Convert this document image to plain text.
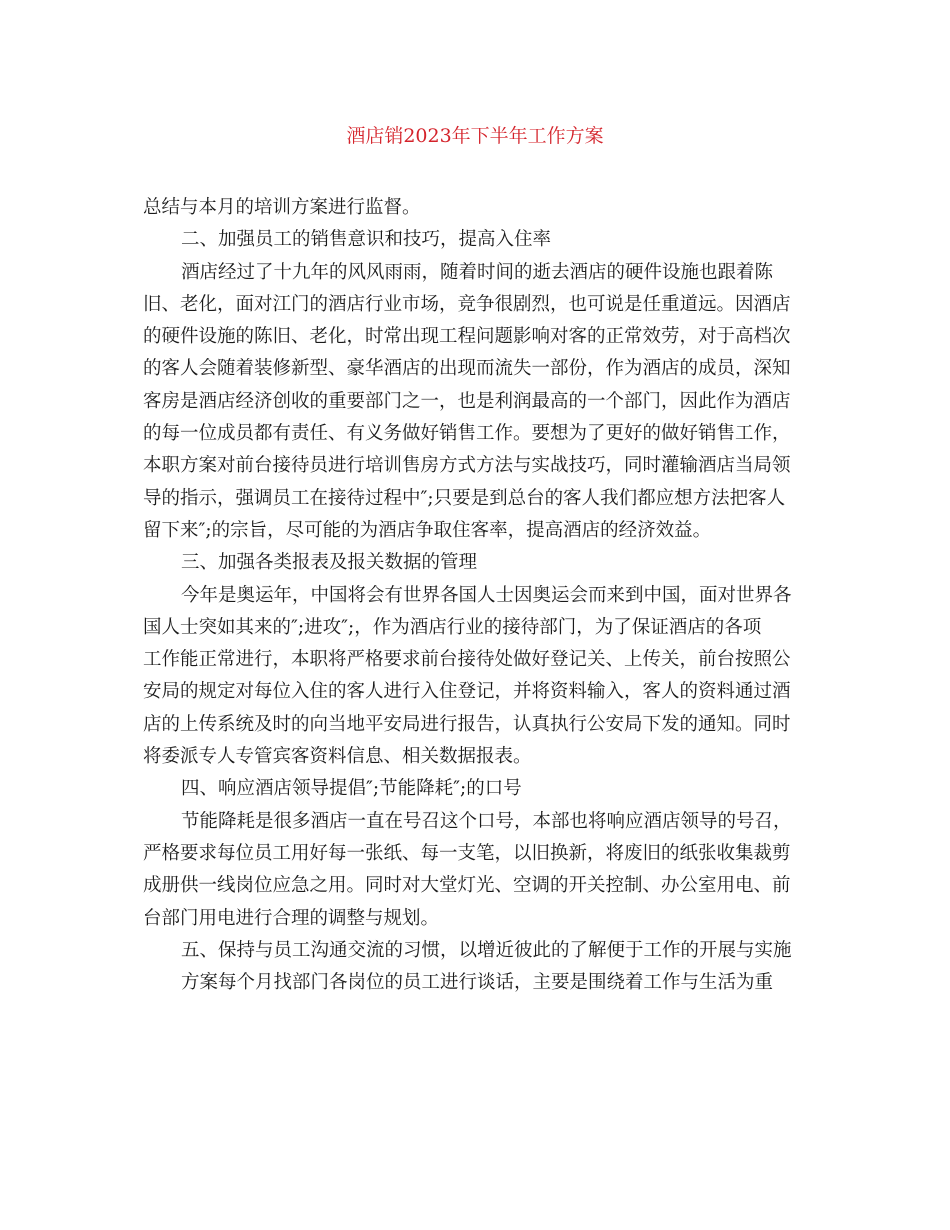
酒店销2023年下半年工作方案
总结与本月的培训方案进行监督。
二、加强员工的销售意识和技巧，提高入住率
酒店经过了十九年的风风雨雨，随着时间的逝去酒店的硬件设施也跟着陈
旧、老化，面对江门的酒店行业市场，竞争很剧烈，也可说是任重道远。因酒店
的硬件设施的陈旧、老化，时常出现工程问题影响对客的正常效劳，对于高档次
的客人会随着装修新型、豪华酒店的出现而流失一部份，作为酒店的成员，深知
客房是酒店经济创收的重要部门之一，也是利润最高的一个部门，因此作为酒店
的每一位成员都有责任、有义务做好销售工作。要想为了更好的做好销售工作，
本职方案对前台接待员进行培训售房方式方法与实战技巧，同时灌输酒店当局领
导的指示，强调员工在接待过程中″;只要是到总台的客人我们都应想方法把客人
留下来″;的宗旨，尽可能的为酒店争取住客率，提高酒店的经济效益。
三、加强各类报表及报关数据的管理
今年是奥运年，中国将会有世界各国人士因奥运会而来到中国，面对世界各
国人士突如其来的″;进攻″;，作为酒店行业的接待部门，为了保证酒店的各项
工作能正常进行，本职将严格要求前台接待处做好登记关、上传关，前台按照公
安局的规定对每位入住的客人进行入住登记，并将资料输入，客人的资料通过酒
店的上传系统及时的向当地平安局进行报告，认真执行公安局下发的通知。同时
将委派专人专管宾客资料信息、相关数据报表。
四、响应酒店领导提倡″;节能降耗″;的口号
节能降耗是很多酒店一直在号召这个口号，本部也将响应酒店领导的号召，
严格要求每位员工用好每一张纸、每一支笔，以旧换新，将废旧的纸张收集裁剪
成册供一线岗位应急之用。同时对大堂灯光、空调的开关控制、办公室用电、前
台部门用电进行合理的调整与规划。
五、保持与员工沟通交流的习惯，以增近彼此的了解便于工作的开展与实施
方案每个月找部门各岗位的员工进行谈话，主要是围绕着工作与生活为重
